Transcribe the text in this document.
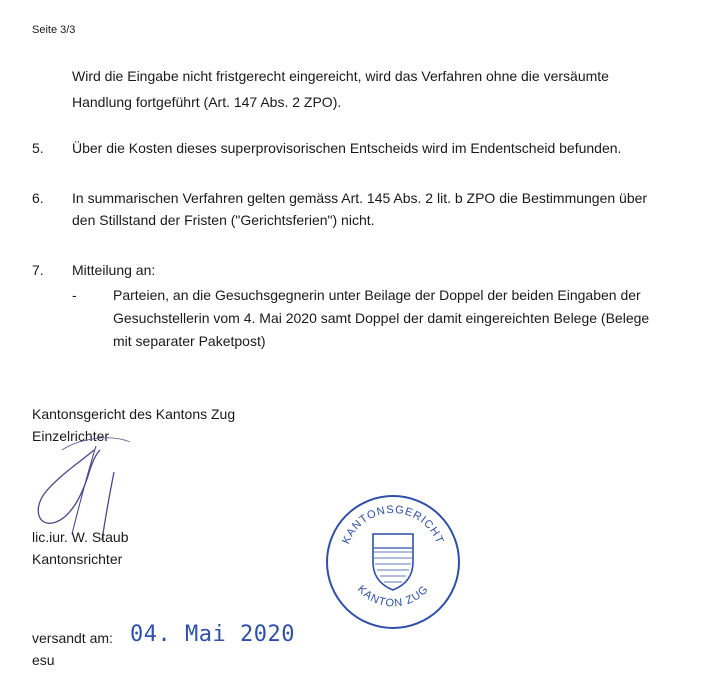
Seite 3/3
Wird die Eingabe nicht fristgerecht eingereicht, wird das Verfahren ohne die versäumte
Handlung fortgeführt (Art. 147 Abs. 2 ZPO).
5. Über die Kosten dieses superprovisorischen Entscheids wird im Endentscheid befunden.
6. In summarischen Verfahren gelten gemäss Art. 145 Abs. 2 lit. b ZPO die Bestimmungen über
den Stillstand der Fristen ("Gerichtsferien") nicht.
7. Mitteilung an:
-	Parteien, an die Gesuchsgegnerin unter Beilage der Doppel der beiden Eingaben der
Gesuchstellerin vom 4. Mai 2020 samt Doppel der damit eingereichten Belege (Belege
mit separater Paketpost)
Kantonsgericht des Kantons Zug
Einzelrichter
lic.iur. W. Staub
Kantonsrichter
KANTONSGERICHT
KANTON ZUG
versandt am: 04. Mai 2020
esu
